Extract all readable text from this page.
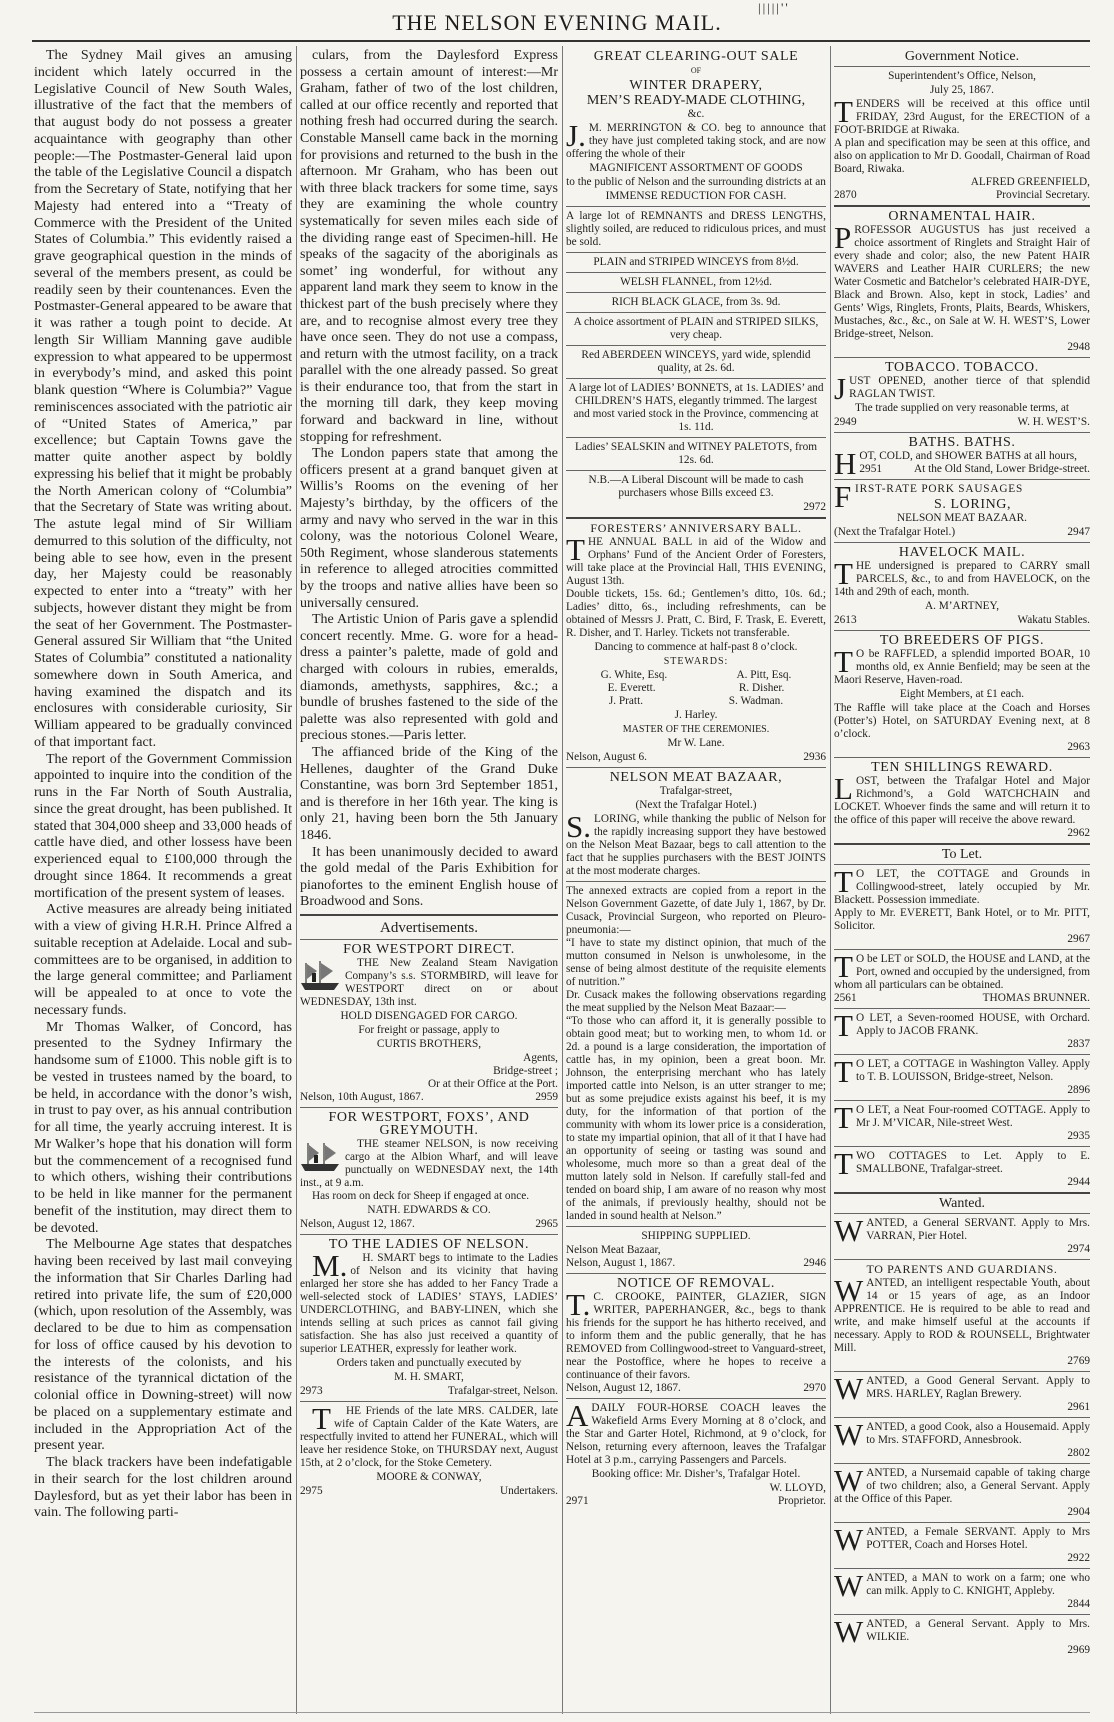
THE NELSON EVENING MAIL.
|||||''

The Sydney Mail gives an amusing incident which lately occurred in the Legislative Council of New South Wales, illustrative of the fact that the members of that august body do not possess a greater acquaintance with geography than other people:—The Postmaster-General laid upon the table of the Legislative Council a dispatch from the Secretary of State, notifying that her Majesty had entered into a “Treaty of Commerce with the President of the United States of Columbia.” This evidently raised a grave geographical question in the minds of several of the members present, as could be readily seen by their countenances. Even the Postmaster-General appeared to be aware that it was rather a tough point to decide. At length Sir William Manning gave audible expression to what appeared to be uppermost in everybody’s mind, and asked this point blank question “Where is Columbia?” Vague reminiscences associated with the patriotic air of “United States of America,” par excellence; but Captain Towns gave the matter quite another aspect by boldly expressing his belief that it might be probably the North American colony of “Columbia” that the Secretary of State was writing about. The astute legal mind of Sir William demurred to this solution of the difficulty, not being able to see how, even in the present day, her Majesty could be reasonably expected to enter into a “treaty” with her subjects, however distant they might be from the seat of her Government. The Postmaster-General assured Sir William that “the United States of Columbia” constituted a nationality somewhere down in South America, and having examined the dispatch and its enclosures with considerable curiosity, Sir William appeared to be gradually convinced of that important fact.

The report of the Government Commission appointed to inquire into the condition of the runs in the Far North of South Australia, since the great drought, has been published. It stated that 304,000 sheep and 33,000 heads of cattle have died, and other lossess have been experienced equal to £100,000 through the drought since 1864. It recommends a great mortification of the present system of leases.

Active measures are already being initiated with a view of giving H.R.H. Prince Alfred a suitable reception at Adelaide. Local and sub-committees are to be organised, in addition to the large general committee; and Parliament will be appealed to at once to vote the necessary funds.

Mr Thomas Walker, of Concord, has presented to the Sydney Infirmary the handsome sum of £1000. This noble gift is to be vested in trustees named by the board, to be held, in accordance with the donor’s wish, in trust to pay over, as his annual contribution for all time, the yearly accruing interest. It is Mr Walker’s hope that his donation will form but the commencement of a recognised fund to which others, wishing their contributions to be held in like manner for the permanent benefit of the institution, may direct them to be devoted.

The Melbourne Age states that despatches having been received by last mail conveying the information that Sir Charles Darling had retired into private life, the sum of £20,000 (which, upon resolution of the Assembly, was declared to be due to him as compensation for loss of office caused by his devotion to the interests of the colonists, and his resistance of the tyrannical dictation of the colonial office in Downing-street) will now be placed on a supplementary estimate and included in the Appropriation Act of the present year.

The black trackers have been indefatigable in their search for the lost children around Daylesford, but as yet their labor has been in vain. The following parti-

culars, from the Daylesford Express possess a certain amount of interest:—Mr Graham, father of two of the lost children, called at our office recently and reported that nothing fresh had occurred during the search. Constable Mansell came back in the morning for provisions and returned to the bush in the afternoon. Mr Graham, who has been out with three black trackers for some time, says they are examining the whole country systematically for seven miles each side of the dividing range east of Specimen-hill. He speaks of the sagacity of the aboriginals as somet’ ing wonderful, for without any apparent land mark they seem to know in the thickest part of the bush precisely where they are, and to recognise almost every tree they have once seen. They do not use a compass, and return with the utmost facility, on a track parallel with the one already passed. So great is their endurance too, that from the start in the morning till dark, they keep moving forward and backward in line, without stopping for refreshment.

The London papers state that among the officers present at a grand banquet given at Willis’s Rooms on the evening of her Majesty’s birthday, by the officers of the army and navy who served in the war in this colony, was the notorious Colonel Weare, 50th Regiment, whose slanderous statements in reference to alleged atrocities committed by the troops and native allies have been so universally censured.

The Artistic Union of Paris gave a splendid concert recently. Mme. G. wore for a head-dress a painter’s palette, made of gold and charged with colours in rubies, emeralds, diamonds, amethysts, sapphires, &c.; a bundle of brushes fastened to the side of the palette was also represented with gold and precious stones.—Paris letter.

The affianced bride of the King of the Hellenes, daughter of the Grand Duke Constantine, was born 3rd September 1851, and is therefore in her 16th year. The king is only 21, having been born the 5th January 1846.

It has been unanimously decided to award the gold medal of the Paris Exhibition for pianofortes to the eminent English house of Broadwood and Sons.

Advertisements.
FOR WESTPORT DIRECT.

THE New Zealand Steam Navigation Company’s s.s. STORMBIRD, will leave for WESTPORT direct on or about WEDNESDAY, 13th inst.

HOLD DISENGAGED FOR CARGO.
For freight or passage, apply to
CURTIS BROTHERS,
Agents,
Bridge-street ;
Or at their Office at the Port.
Nelson, 10th August, 1867.	2959
FOR WESTPORT, FOXS’, AND GREYMOUTH.

THE steamer NELSON, is now receiving cargo at the Albion Wharf, and will leave punctually on WEDNESDAY next, the 14th inst., at 9 a.m.

Has room on deck for Sheep if engaged at once.

NATH. EDWARDS & CO.
Nelson, August 12, 1867.	2965
TO THE LADIES OF NELSON.

M.H. SMART begs to intimate to the Ladies of Nelson and its vicinity that having enlarged her store she has added to her Fancy Trade a well-selected stock of LADIES’ STAYS, LADIES’ UNDERCLOTHING, and BABY-LINEN, which she intends selling at such prices as cannot fail giving satisfaction. She has also just received a quantity of superior LEATHER, expressly for leather work.

Orders taken and punctually executed by
M. H. SMART,
2973	Trafalgar-street, Nelson.

THE Friends of the late MRS. CALDER, late wife of Captain Calder of the Kate Waters, are respectfully invited to attend her FUNERAL, which will leave her residence Stoke, on THURSDAY next, August 15th, at 2 o’clock, for the Stoke Cemetery.

MOORE & CONWAY,
2975	Undertakers.
GREAT CLEARING-OUT SALE
OF
WINTER DRAPERY,
MEN’S READY-MADE CLOTHING,
&c.

J.M. MERRINGTON & CO. beg to announce that they have just completed taking stock, and are now offering the whole of their

MAGNIFICENT ASSORTMENT OF GOODS
to the public of Nelson and the surrounding districts at an
IMMENSE REDUCTION FOR CASH.

A large lot of REMNANTS and DRESS LENGTHS, slightly soiled, are reduced to ridiculous prices, and must be sold.

PLAIN and STRIPED WINCEYS from 8½d.
WELSH FLANNEL, from 12½d.
RICH BLACK GLACE, from 3s. 9d.
A choice assortment of PLAIN and STRIPED SILKS, very cheap.
Red ABERDEEN WINCEYS, yard wide, splendid quality, at 2s. 6d.
A large lot of LADIES’ BONNETS, at 1s. LADIES’ and CHILDREN’S HATS, elegantly trimmed. The largest and most varied stock in the Province, commencing at 1s. 11d.
Ladies’ SEALSKIN and WITNEY PALETOTS, from 12s. 6d.
N.B.—A Liberal Discount will be made to cash purchasers whose Bills exceed £3.
2972
FORESTERS’ ANNIVERSARY BALL.

THE ANNUAL BALL in aid of the Widow and Orphans’ Fund of the Ancient Order of Foresters, will take place at the Provincial Hall, THIS EVENING, August 13th.

Double tickets, 15s. 6d.; Gentlemen’s ditto, 10s. 6d.; Ladies’ ditto, 6s., including refreshments, can be obtained of Messrs J. Pratt, C. Bird, F. Trask, E. Everett, R. Disher, and T. Harley. Tickets not transferable.

Dancing to commence at half-past 8 o’clock.
STEWARDS:
G. White, Esq.	A. Pitt, Esq.
E. Everett.	R. Disher.
J. Pratt.	S. Wadman.
J. Harley.
MASTER OF THE CEREMONIES.
Mr W. Lane.
Nelson, August 6.	2936
NELSON MEAT BAZAAR,
Trafalgar-street,
(Next the Trafalgar Hotel.)

S.LORING, while thanking the public of Nelson for the rapidly increasing support they have bestowed on the Nelson Meat Bazaar, begs to call attention to the fact that he supplies purchasers with the BEST JOINTS at the most moderate charges.

The annexed extracts are copied from a report in the Nelson Government Gazette, of date July 1, 1867, by Dr. Cusack, Provincial Surgeon, who reported on Pleuro-pneumonia:—

“I have to state my distinct opinion, that much of the mutton consumed in Nelson is unwholesome, in the sense of being almost destitute of the requisite elements of nutrition.”

Dr. Cusack makes the following observations regarding the meat supplied by the Nelson Meat Bazaar:—

“To those who can afford it, it is generally possible to obtain good meat; but to working men, to whom 1d. or 2d. a pound is a large consideration, the importation of cattle has, in my opinion, been a great boon. Mr. Johnson, the enterprising merchant who has lately imported cattle into Nelson, is an utter stranger to me; but as some prejudice exists against his beef, it is my duty, for the information of that portion of the community with whom its lower price is a consideration, to state my impartial opinion, that all of it that I have had an opportunity of seeing or tasting was sound and wholesome, much more so than a great deal of the mutton lately sold in Nelson. If carefully stall-fed and tended on board ship, I am aware of no reason why most of the animals, if previously healthy, should not be landed in sound health at Nelson.”

SHIPPING SUPPLIED.
Nelson Meat Bazaar,
Nelson, August 1, 1867.	2946
NOTICE OF REMOVAL.

T.C. CROOKE, PAINTER, GLAZIER, SIGN WRITER, PAPERHANGER, &c., begs to thank his friends for the support he has hitherto received, and to inform them and the public generally, that he has REMOVED from Collingwood-street to Vanguard-street, near the Postoffice, where he hopes to receive a continuance of their favors.

Nelson, August 12, 1867.	2970

ADAILY FOUR-HORSE COACH leaves the Wakefield Arms Every Morning at 8 o’clock, and the Star and Garter Hotel, Richmond, at 9 o’clock, for Nelson, returning every afternoon, leaves the Trafalgar Hotel at 3 p.m., carrying Passengers and Parcels.

Booking office: Mr. Disher’s, Trafalgar Hotel.
W. LLOYD,
2971	Proprietor.
Government Notice.
Superintendent’s Office, Nelson,
July 25, 1867.

TENDERS will be received at this office until FRIDAY, 23rd August, for the ERECTION of a FOOT-BRIDGE at Riwaka.

A plan and specification may be seen at this office, and also on application to Mr D. Goodall, Chairman of Road Board, Riwaka.

ALFRED GREENFIELD,
2870	Provincial Secretary.
ORNAMENTAL HAIR.

PROFESSOR AUGUSTUS has just received a choice assortment of Ringlets and Straight Hair of every shade and color; also, the new Patent HAIR WAVERS and Leather HAIR CURLERS; the new Water Cosmetic and Batchelor’s celebrated HAIR-DYE, Black and Brown. Also, kept in stock, Ladies’ and Gents’ Wigs, Ringlets, Fronts, Plaits, Beards, Whiskers, Mustaches, &c., &c., on Sale at W. H. WEST’S, Lower Bridge-street, Nelson.

2948
TOBACCO. TOBACCO.

JUST OPENED, another tierce of that splendid RAGLAN TWIST.

The trade supplied on very reasonable terms, at
2949	W. H. WEST’S.
BATHS. BATHS.

HOT, COLD, and SHOWER BATHS at all hours,

2951	At the Old Stand, Lower Bridge-street.

FIRST-RATE PORK SAUSAGES

S. LORING,
NELSON MEAT BAZAAR.
(Next the Trafalgar Hotel.)	2947
HAVELOCK MAIL.

THE undersigned is prepared to CARRY small PARCELS, &c., to and from HAVELOCK, on the 14th and 29th of each, month.

A. M’ARTNEY,
2613	Wakatu Stables.
TO BREEDERS OF PIGS.

TO be RAFFLED, a splendid imported BOAR, 10 months old, ex Annie Benfield; may be seen at the Maori Reserve, Haven-road.

Eight Members, at £1 each.

The Raffle will take place at the Coach and Horses (Potter’s) Hotel, on SATURDAY Evening next, at 8 o’clock.

2963
TEN SHILLINGS REWARD.

LOST, between the Trafalgar Hotel and Major Richmond’s, a Gold WATCHCHAIN and LOCKET. Whoever finds the same and will return it to the office of this paper will receive the above reward.

2962
To Let.

TO LET, the COTTAGE and Grounds in Collingwood-street, lately occupied by Mr. Blackett. Possession immediate.

Apply to Mr. EVERETT, Bank Hotel, or to Mr. PITT, Solicitor.

2967

TO be LET or SOLD, the HOUSE and LAND, at the Port, owned and occupied by the undersigned, from whom all particulars can be obtained.

2561	THOMAS BRUNNER.

TO LET, a Seven-roomed HOUSE, with Orchard. Apply to JACOB FRANK.

2837

TO LET, a COTTAGE in Washington Valley. Apply to T. B. LOUISSON, Bridge-street, Nelson.

2896

TO LET, a Neat Four-roomed COTTAGE. Apply to Mr J. M’VICAR, Nile-street West.

2935

TWO COTTAGES to Let. Apply to E. SMALLBONE, Trafalgar-street.

2944
Wanted.

WANTED, a General SERVANT. Apply to Mrs. VARRAN, Pier Hotel.

2974
TO PARENTS AND GUARDIANS.

WANTED, an intelligent respectable Youth, about 14 or 15 years of age, as an Indoor APPRENTICE. He is required to be able to read and write, and make himself useful at the accounts if necessary. Apply to ROD & ROUNSELL, Brightwater Mill.

2769

WANTED, a Good General Servant. Apply to MRS. HARLEY, Raglan Brewery.

2961

WANTED, a good Cook, also a Housemaid. Apply to Mrs. STAFFORD, Annesbrook.

2802

WANTED, a Nursemaid capable of taking charge of two children; also, a General Servant. Apply at the Office of this Paper.

2904

WANTED, a Female SERVANT. Apply to Mrs POTTER, Coach and Horses Hotel.

2922

WANTED, a MAN to work on a farm; one who can milk. Apply to C. KNIGHT, Appleby.

2844

WANTED, a General Servant. Apply to Mrs. WILKIE.

2969
